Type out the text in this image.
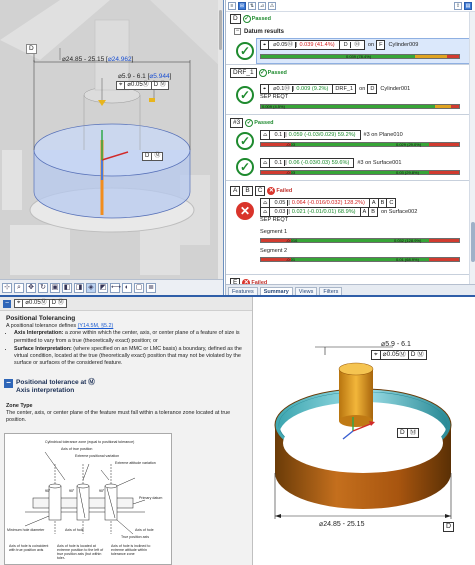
D
⌀24.85 - 25.15 [⌀24.962]
⌀5.9 - 6.1 [⌀5.944]
⌖ ⌀0.05Ⓜ D Ⓜ
D Ⓜ
⊹	⌕	✥ ↻ ▣ ◧ ◨ ◈ ◩ ⟷ ◐ ▢ ≣
≡	⊞	⇅	⊿	⚠	⇪	▤
D	✓ Passed
− Datum results
✓	⌖	⌀0.05Ⓜ | 0.039 (41.4%)	D Ⓜ	on F	Cylinder009
0.039 (78.4%)
DRF_1	✓ Passed
✓	⌖	⌀0.1Ⓜ | 0.009 (9.2%)	DRF_1	on D	Cylinder001
SEP REQT
0.009 (4.5%)
#3	✓ Passed
✓	⌓	0.1 | 0.059 (-0.03/0.029) 59.2%)	#3 on Plane010
-0.03	0.029 (29.0%)
✓	⌓	0.1 | 0.06 (-0.03/0.03) 59.6%)	#3 on Surface001
-0.03	0.03 (29.8%)
A	B	C	✕ Failed
✕
⌓	0.05 | 0.064 (-0.016/0.032) 128.2%)	A B C
⌓	0.03 | 0.021 (-0.01/0.01) 68.9%)	A B	on Surface002
SEP REQT
Segment 1
-0.016	0.032 (128.9%)
Segment 2
-0.01	0.01 (68.9%)
E	✕ Failed
Features	Summary	Views	Filters
−	⌖ ⌀0.05Ⓜ D Ⓜ
Positional Tolerancing
A positional tolerance defines (Y14.5M, §5.2)
• Axis Interpretation: a zone within which the center, axis, or center plane of a feature of size is permitted to vary from a true (theoretically exact) position; or
• Surface Interpretation: (where specified on an MMC or LMC basis) a boundary, defined as the virtual condition, located at the true (theoretically exact) position that may not be violated by the surface or surfaces of the considered feature.
− Positional tolerance at Ⓜ
Axis interpretation
Zone Type
The center, axis, or center plane of the feature must fall within a tolerance zone located at true position.
90°	90°	90°
Cylindrical tolerance zone (equal to positional tolerance)
Axis of true position
Extreme positional variation
Extreme attitude variation
Primary datum
Minimum hole diameter	Axis of hole	Axis of hole
True position axis
Axis of hole is coincident with true position axis
Axis of hole is located at extreme position to the left of true position axis (but within toler-
Axis of hole is inclined to extreme attitude within tolerance zone
⌀5.9 - 6.1
⌖ ⌀0.05Ⓜ D Ⓜ
D Ⓜ
⌀24.85 - 25.15	D
